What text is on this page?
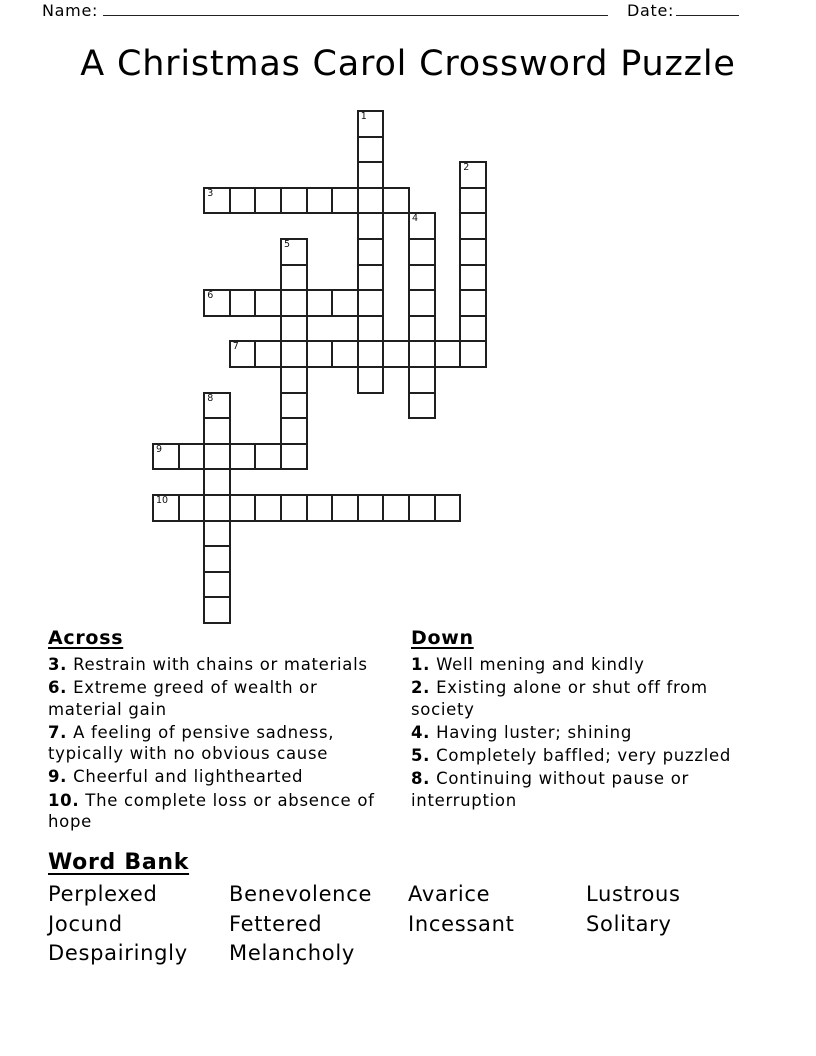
Name:	Date:
A Christmas Carol Crossword Puzzle
1
2
3
4
5
6
7
8
9
10
Across

3. Restrain with chains or materials

6. Extreme greed of wealth or material gain

7. A feeling of pensive sadness, typically with no obvious cause

9. Cheerful and lighthearted

10. The complete loss or absence of hope

Down

1. Well mening and kindly

2. Existing alone or shut off from society

4. Having luster; shining

5. Completely baffled; very puzzled

8. Continuing without pause or interruption

Word Bank
Perplexed	Benevolence	Avarice	Lustrous
Jocund	Fettered	Incessant	Solitary
Despairingly	Melancholy
